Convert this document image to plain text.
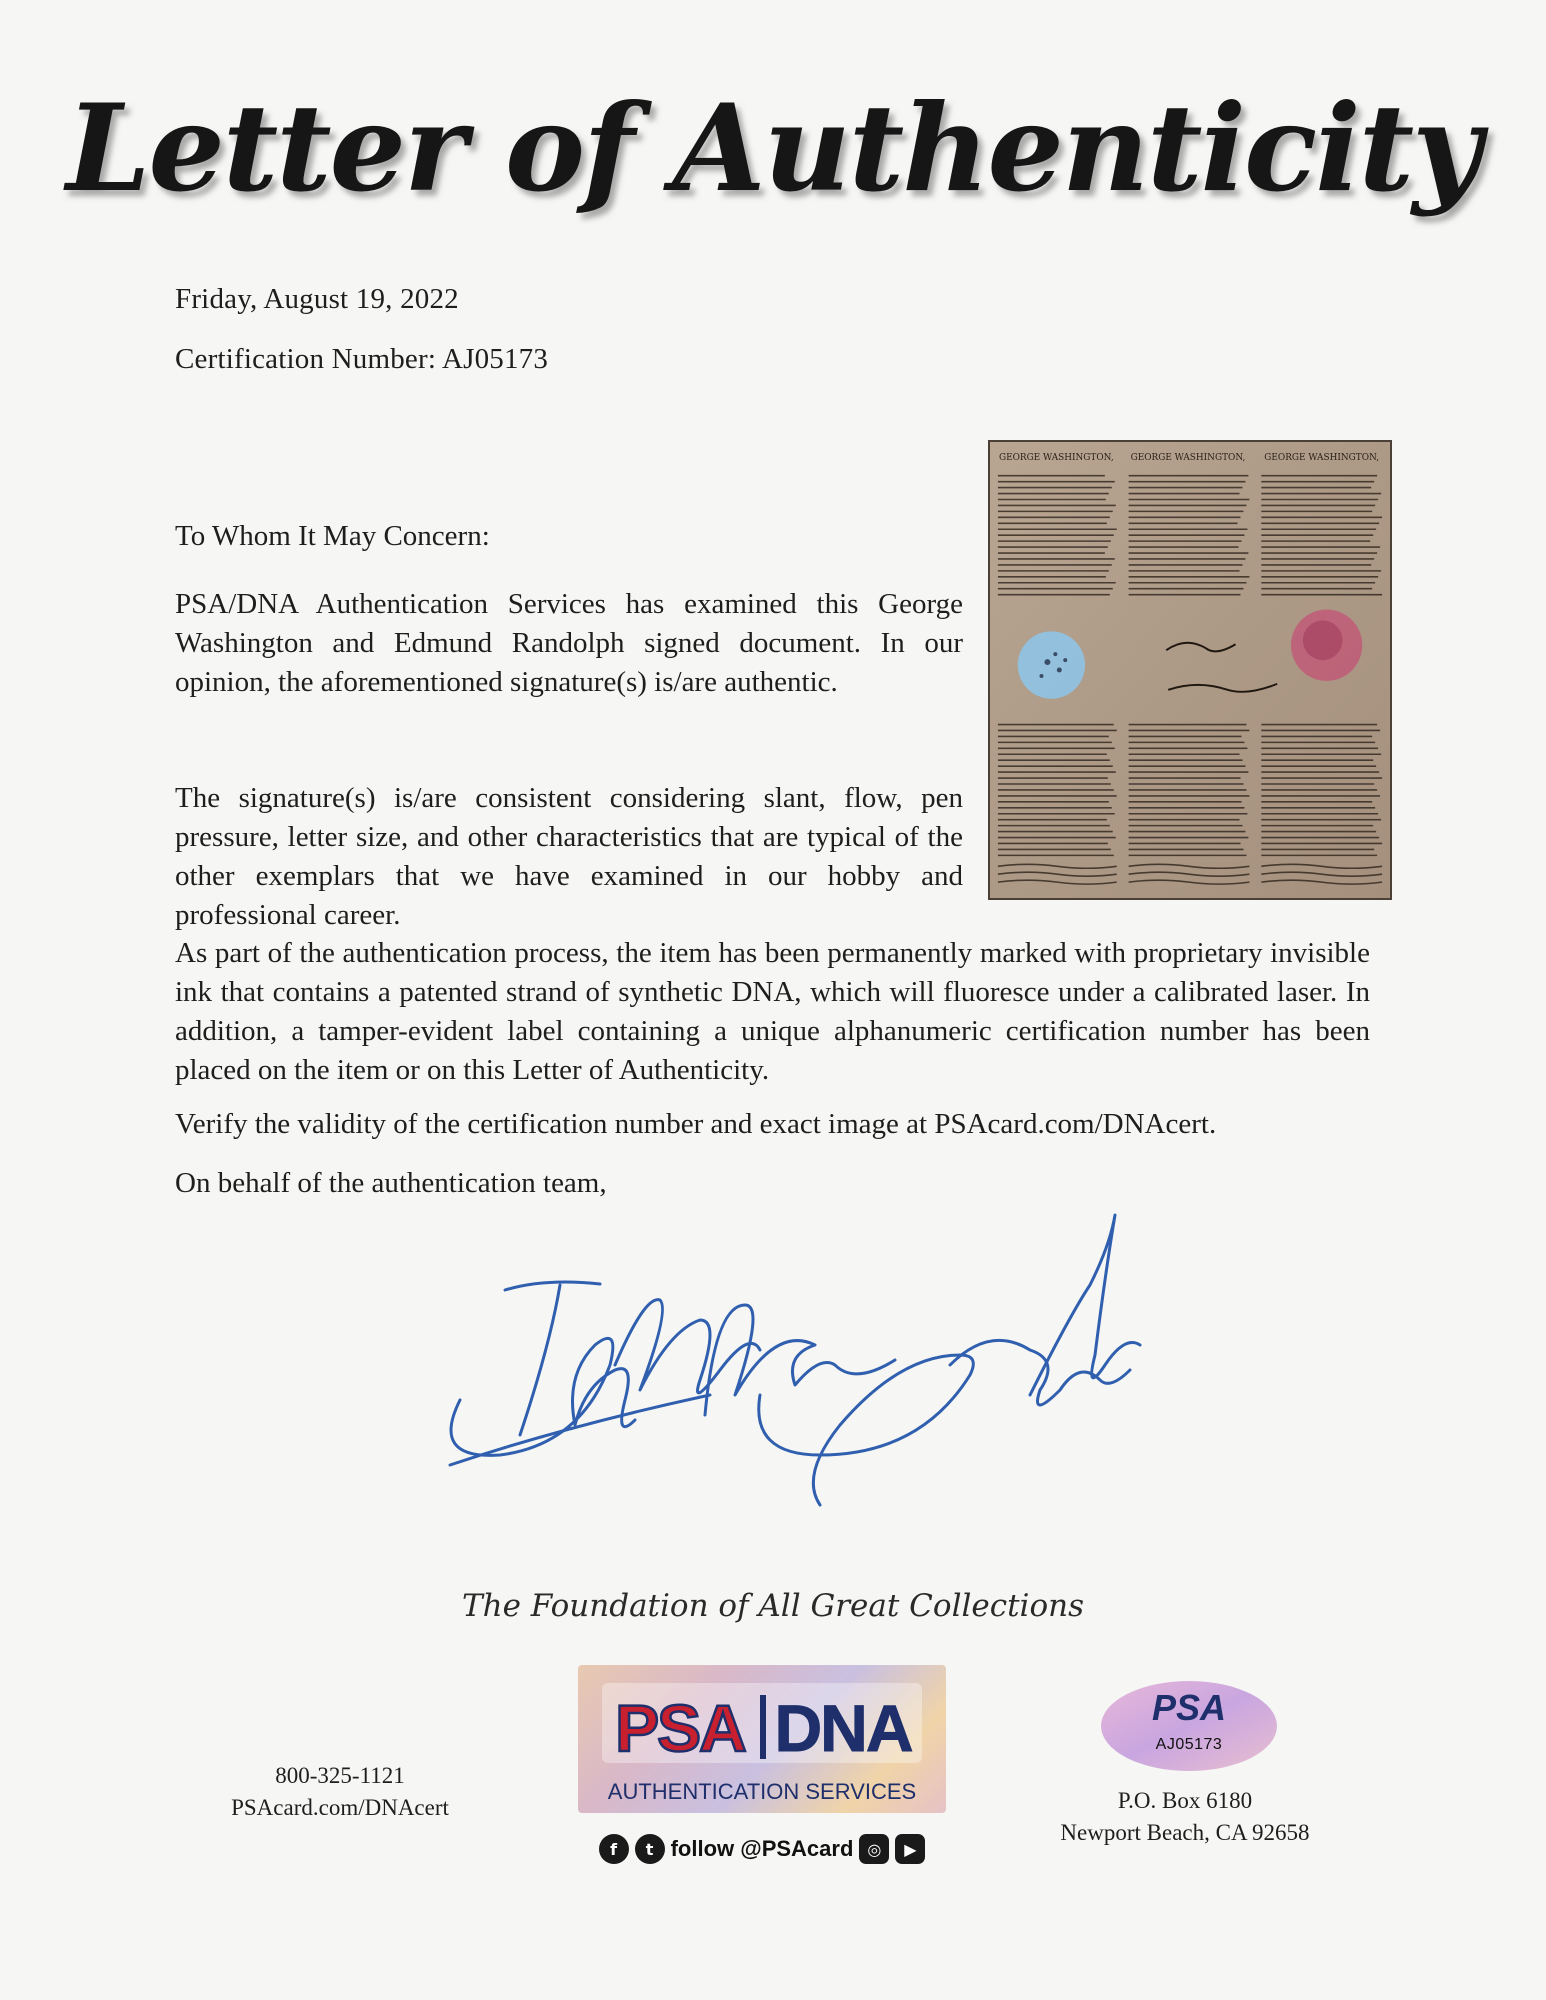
Letter of Authenticity
Friday, August 19, 2022
Certification Number: AJ05173
GEORGE WASHINGTON, GEORGE WASHINGTON, GEORGE WASHINGTON,

To Whom It May Concern:

PSA/DNA Authentication Services has examined this George Washington and Edmund Randolph signed document. In our opinion, the aforementioned signature(s) is/are authentic.

The signature(s) is/are consistent considering slant, flow, pen pressure, letter size, and other characteristics that are typical of the other exemplars that we have examined in our hobby and professional career.

As part of the authentication process, the item has been permanently marked with proprietary invisible ink that contains a patented strand of synthetic DNA, which will fluoresce under a calibrated laser. In addition, a tamper-evident label containing a unique alphanumeric certification number has been placed on the item or on this Letter of Authenticity.

Verify the validity of the certification number and exact image at PSAcard.com/DNAcert.

On behalf of the authentication team,

The Foundation of All Great Collections
800-325-1121
PSAcard.com/DNAcert
PSA DNA
AUTHENTICATION SERVICES
f	t follow @PSAcard ◎	▶
PSA
AJ05173
P.O. Box 6180
Newport Beach, CA 92658
